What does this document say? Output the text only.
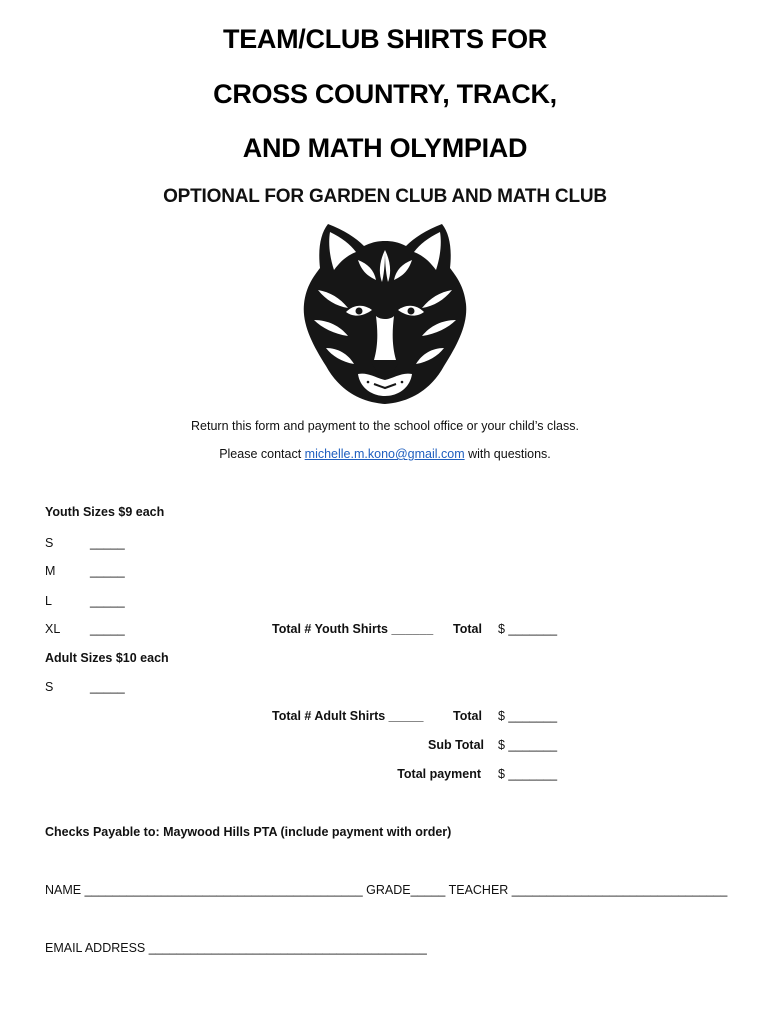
TEAM/CLUB SHIRTS FOR
CROSS COUNTRY, TRACK,
AND MATH OLYMPIAD
OPTIONAL FOR GARDEN CLUB AND MATH CLUB
Return this form and payment to the school office or your child’s class.
Please contact michelle.m.kono@gmail.com with questions.
Youth Sizes $9 each
S	_____
M	_____
L	_____
XL _____	Total # Youth Shirts ______ Total $ _______
Adult Sizes $10 each
S	_____
Total # Adult Shirts _____ Total $ _______
Sub Total $ _______
Total payment $ _______
Checks Payable to: Maywood Hills PTA (include payment with order)
NAME ________________________________________ GRADE_____ TEACHER _______________________________
EMAIL ADDRESS ________________________________________
